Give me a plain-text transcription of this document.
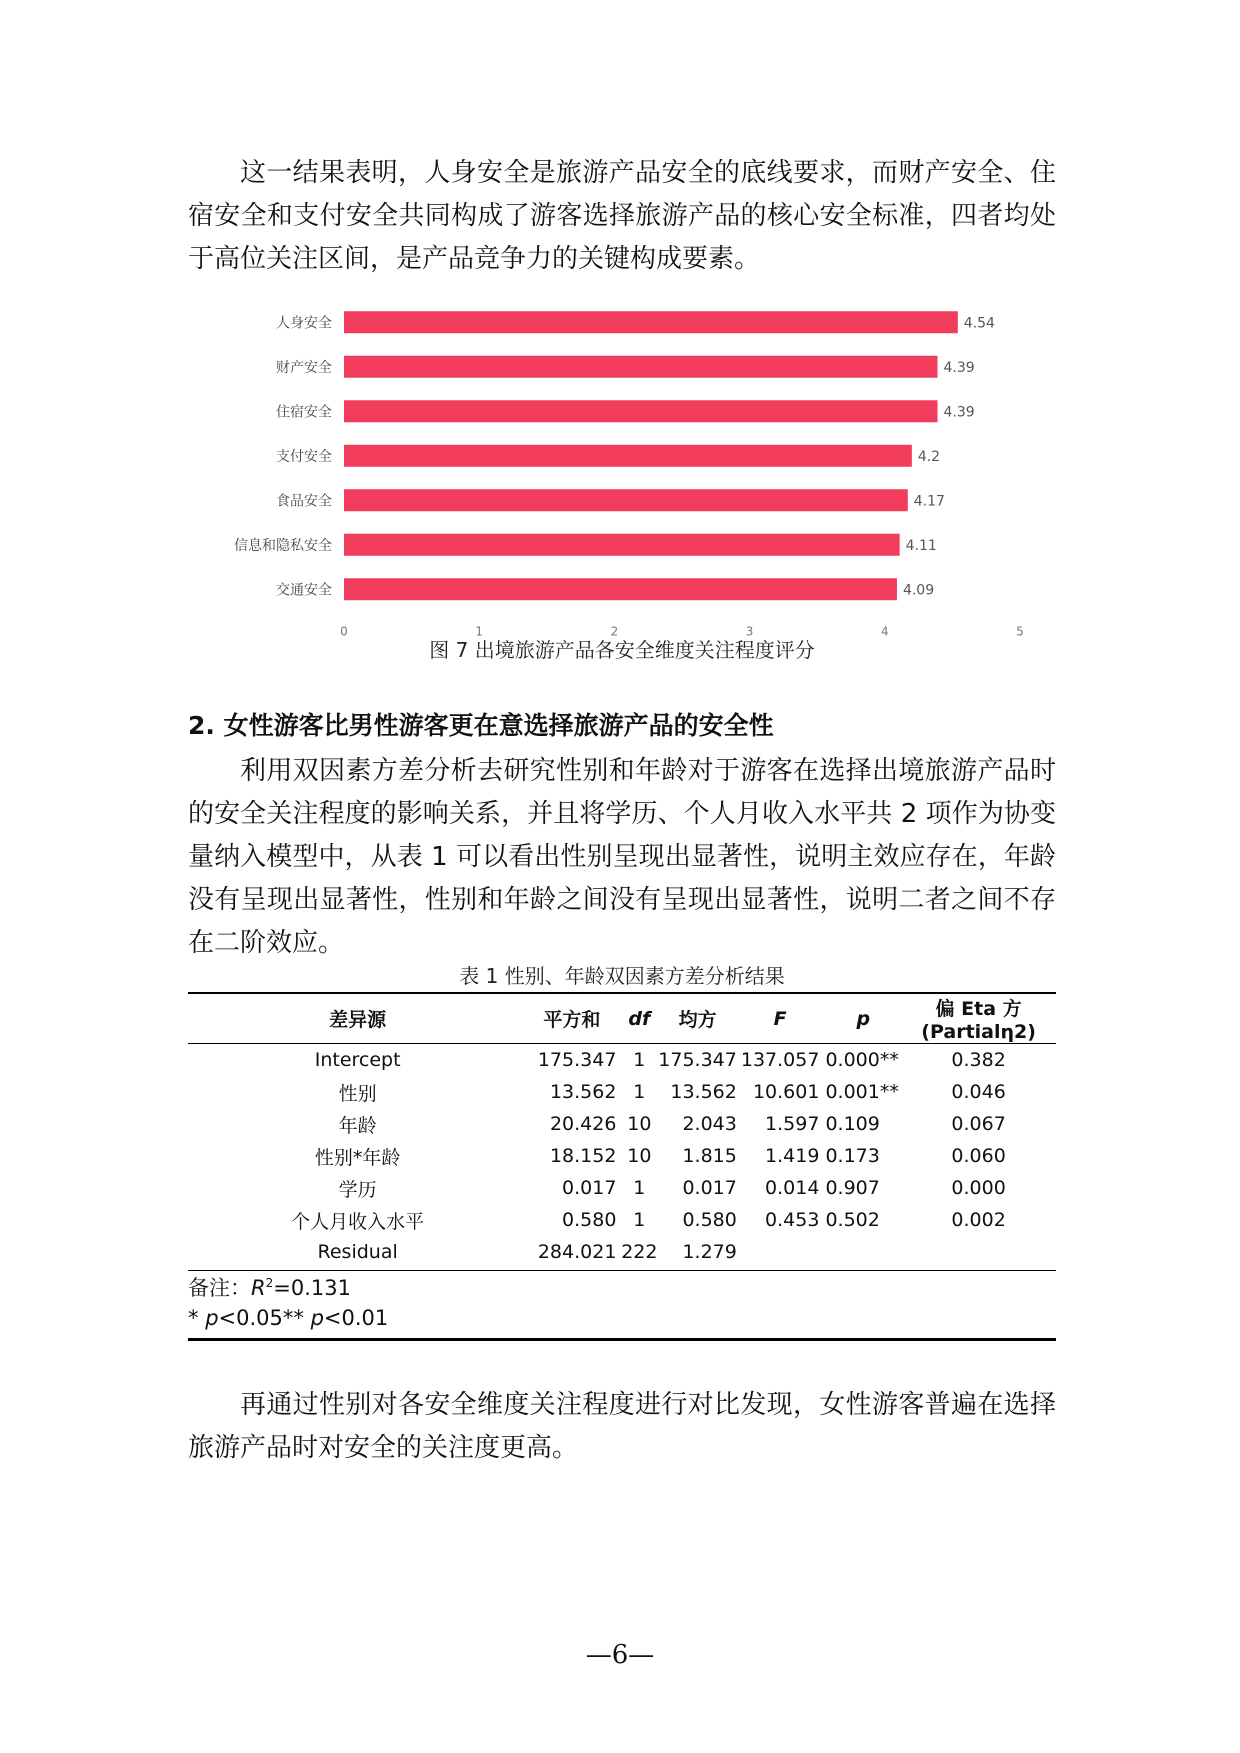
这一结果表明，人身安全是旅游产品安全的底线要求，而财产安全、住宿安全和支付安全共同构成了游客选择旅游产品的核心安全标准，四者均处于高位关注区间，是产品竞争力的关键构成要素。

人身安全	4.54
财产安全	4.39
住宿安全	4.39
支付安全	4.2
食品安全	4.17
信息和隐私安全	4.11
交通安全	4.09
0	1	2	3	4	5

图 7 出境旅游产品各安全维度关注程度评分

2. 女性游客比男性游客更在意选择旅游产品的安全性

利用双因素方差分析去研究性别和年龄对于游客在选择出境旅游产品时的安全关注程度的影响关系，并且将学历、个人月收入水平共 2 项作为协变量纳入模型中，从表 1 可以看出性别呈现出显著性，说明主效应存在，年龄没有呈现出显著性，性别和年龄之间没有呈现出显著性，说明二者之间不存在二阶效应。

表 1 性别、年龄双因素方差分析结果

差异源	平方和	df	均方	F	p	偏 Eta 方(Partialη2)
Intercept	175.347	1	175.347	137.057	0.000**	0.382
性别	13.562	1	13.562	10.601	0.001**	0.046
年龄	20.426	10	2.043	1.597	0.109	0.067
性别*年龄	18.152	10	1.815	1.419	0.173	0.060
学历	0.017	1	0.017	0.014	0.907	0.000
个人月收入水平	0.580	1	0.580	0.453	0.502	0.002
Residual	284.021	222	1.279			

备注：$R^2=0.131$

* p<0.05** p<0.01

再通过性别对各安全维度关注程度进行对比发现，女性游客普遍在选择旅游产品时对安全的关注度更高。

—6—
